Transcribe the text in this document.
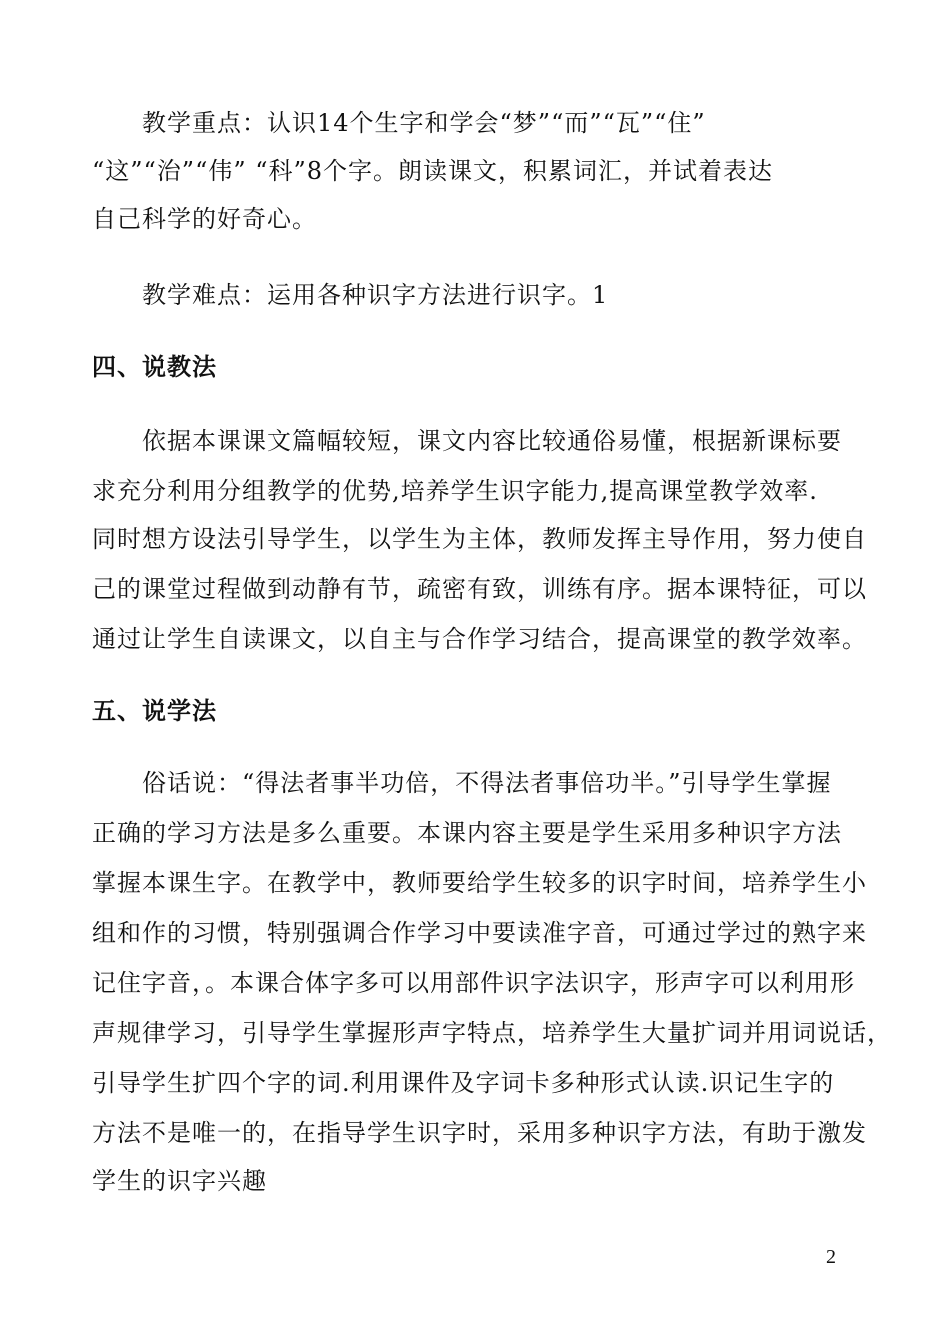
教学重点：认识14个生字和学会“梦”“而”“瓦”“住”
“这”“治”“伟” “科”8个字。朗读课文，积累词汇，并试着表达
自己科学的好奇心。
教学难点：运用各种识字方法进行识字。1
四、说教法
依据本课课文篇幅较短，课文内容比较通俗易懂，根据新课标要
求充分利用分组教学的优势,培养学生识字能力,提高课堂教学效率.
同时想方设法引导学生，以学生为主体，教师发挥主导作用，努力使自
己的课堂过程做到动静有节，疏密有致，训练有序。据本课特征，可以
通过让学生自读课文，以自主与合作学习结合，提高课堂的教学效率。
五、说学法
俗话说：“得法者事半功倍，不得法者事倍功半。”引导学生掌握
正确的学习方法是多么重要。本课内容主要是学生采用多种识字方法
掌握本课生字。在教学中，教师要给学生较多的识字时间，培养学生小
组和作的习惯，特别强调合作学习中要读准字音，可通过学过的熟字来
记住字音，。本课合体字多可以用部件识字法识字，形声字可以利用形
声规律学习，引导学生掌握形声字特点，培养学生大量扩词并用词说话，
引导学生扩四个字的词.利用课件及字词卡多种形式认读.识记生字的
方法不是唯一的，在指导学生识字时，采用多种识字方法，有助于激发
学生的识字兴趣
2
